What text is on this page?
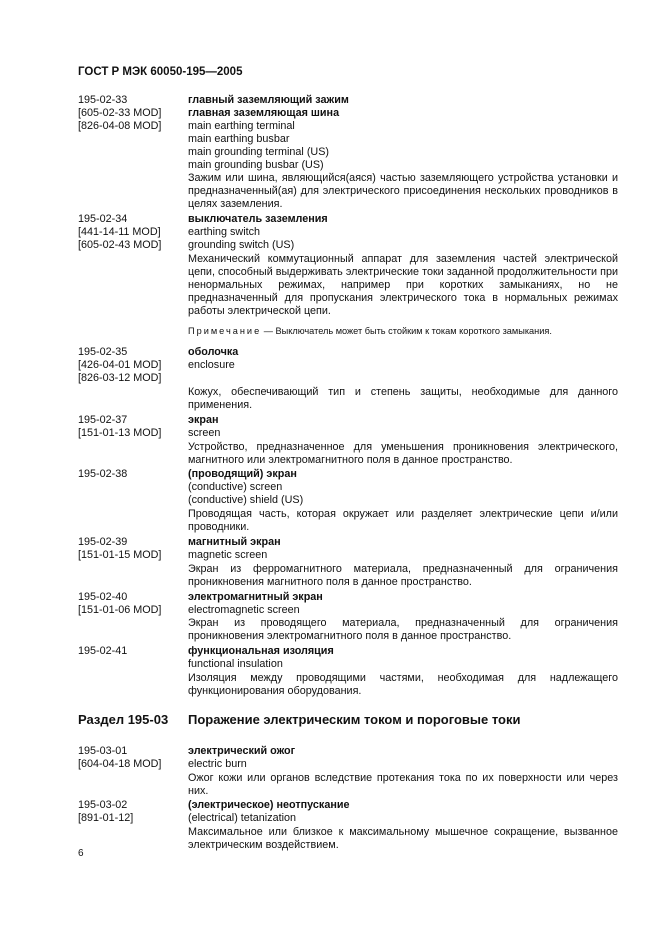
ГОСТ Р МЭК 60050-195—2005
195-02-33
[605-02-33 MOD]
[826-04-08 MOD]
главный заземляющий зажим
главная заземляющая шина
main earthing terminal
main earthing busbar
main grounding terminal (US)
main grounding busbar (US)
Зажим или шина, являющийся(аяся) частью заземляющего устройства установки и предназначенный(ая) для электрического присоединения нескольких проводников в целях заземления.
195-02-34
[441-14-11 MOD]
[605-02-43 MOD]
выключатель заземления
earthing switch
grounding switch (US)
Механический коммутационный аппарат для заземления частей электрической цепи, способный выдерживать электрические токи заданной продолжительности при ненормальных режимах, например при коротких замыканиях, но не предназначенный для пропускания электрического тока в нормальных режимах работы электрической цепи.
Примечание — Выключатель может быть стойким к токам короткого замыкания.
195-02-35
[426-04-01 MOD]
[826-03-12 MOD]
оболочка
enclosure

Кожух, обеспечивающий тип и степень защиты, необходимые для данного применения.
195-02-37
[151-01-13 MOD]
экран
screen
Устройство, предназначенное для уменьшения проникновения электрического, магнитного или электромагнитного поля в данное пространство.
195-02-38	(проводящий) экран
(conductive) screen
(conductive) shield (US)
Проводящая часть, которая окружает или разделяет электрические цепи и/или проводники.
195-02-39
[151-01-15 MOD]
магнитный экран
magnetic screen
Экран из ферромагнитного материала, предназначенный для ограничения проникновения магнитного поля в данное пространство.
195-02-40
[151-01-06 MOD]
электромагнитный экран
electromagnetic screen
Экран из проводящего материала, предназначенный для ограничения проникновения электромагнитного поля в данное пространство.
195-02-41	функциональная изоляция
functional insulation
Изоляция между проводящими частями, необходимая для надлежащего функционирования оборудования.
Раздел 195-03 Поражение электрическим током и пороговые токи
195-03-01
[604-04-18 MOD]
электрический ожог
electric burn
Ожог кожи или органов вследствие протекания тока по их поверхности или через них.
195-03-02
[891-01-12]
(электрическое) неотпускание
(electrical) tetanization
Максимальное или близкое к максимальному мышечное сокращение, вызванное электрическим воздействием.
6
